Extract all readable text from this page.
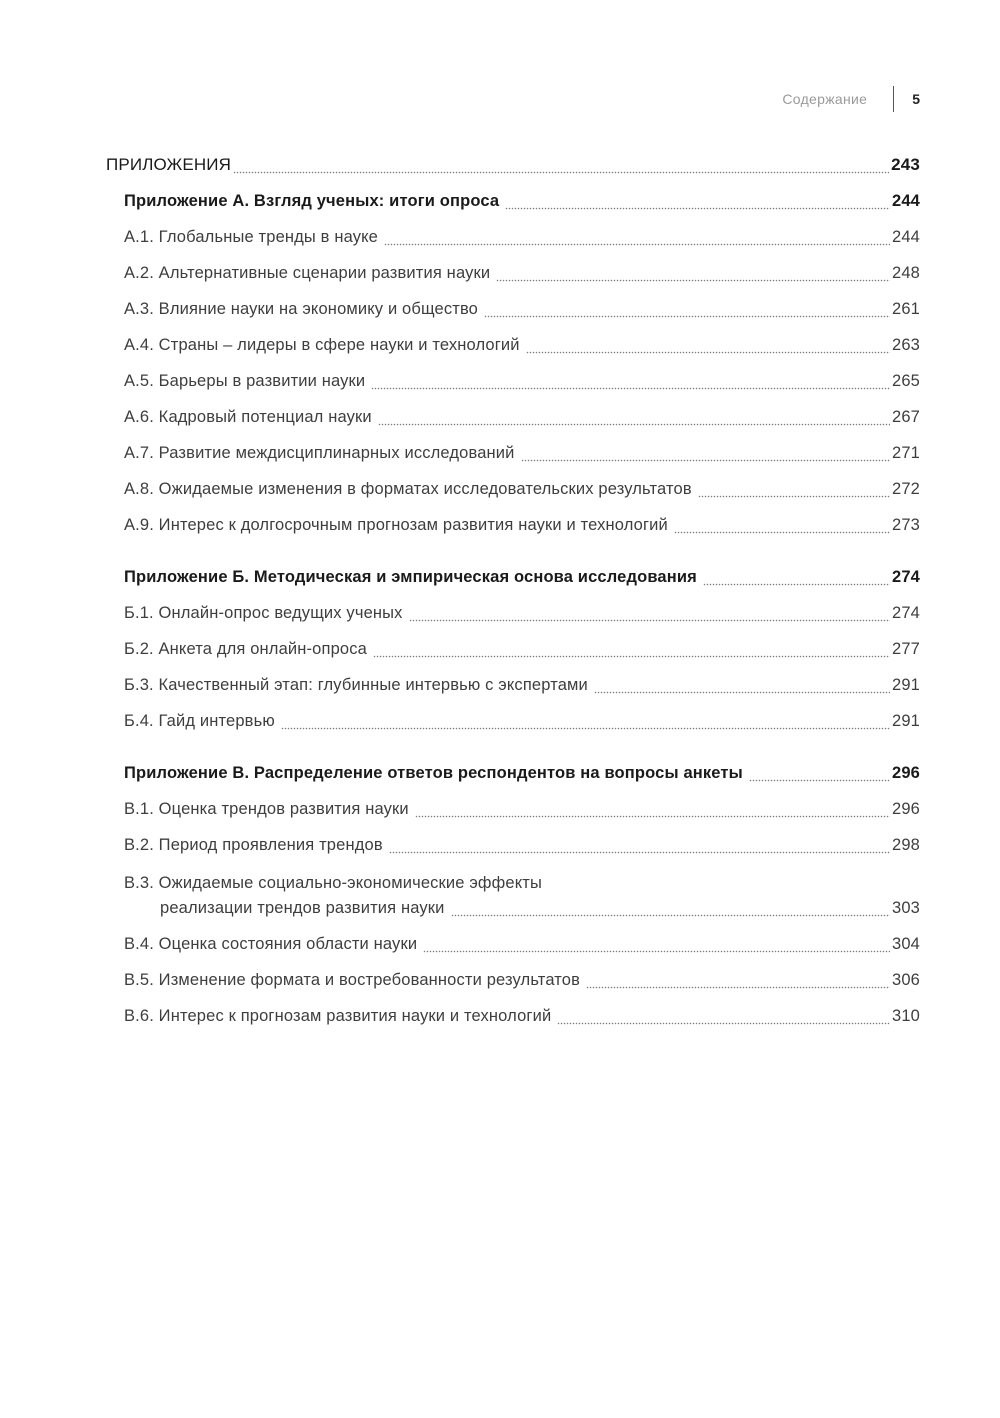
Содержание	5
ПРИЛОЖЕНИЯ	243
Приложение А. Взгляд ученых: итоги опроса	244
А.1. Глобальные тренды в науке	244
А.2. Альтернативные сценарии развития науки	248
А.3. Влияние науки на экономику и общество	261
А.4. Страны – лидеры в сфере науки и технологий	263
А.5. Барьеры в развитии науки	265
А.6. Кадровый потенциал науки	267
А.7. Развитие междисциплинарных исследований	271
А.8. Ожидаемые изменения в форматах исследовательских результатов	272
А.9. Интерес к долгосрочным прогнозам развития науки и технологий	273
Приложение Б. Методическая и эмпирическая основа исследования	274
Б.1. Онлайн-опрос ведущих ученых	274
Б.2. Анкета для онлайн-опроса	277
Б.3. Качественный этап: глубинные интервью с экспертами	291
Б.4. Гайд интервью	291
Приложение В. Распределение ответов респондентов на вопросы анкеты	296
В.1. Оценка трендов развития науки	296
В.2. Период проявления трендов	298
В.3. Ожидаемые социально-экономические эффекты
реализации трендов развития науки	303
В.4. Оценка состояния области науки	304
В.5. Изменение формата и востребованности результатов	306
В.6. Интерес к прогнозам развития науки и технологий	310
